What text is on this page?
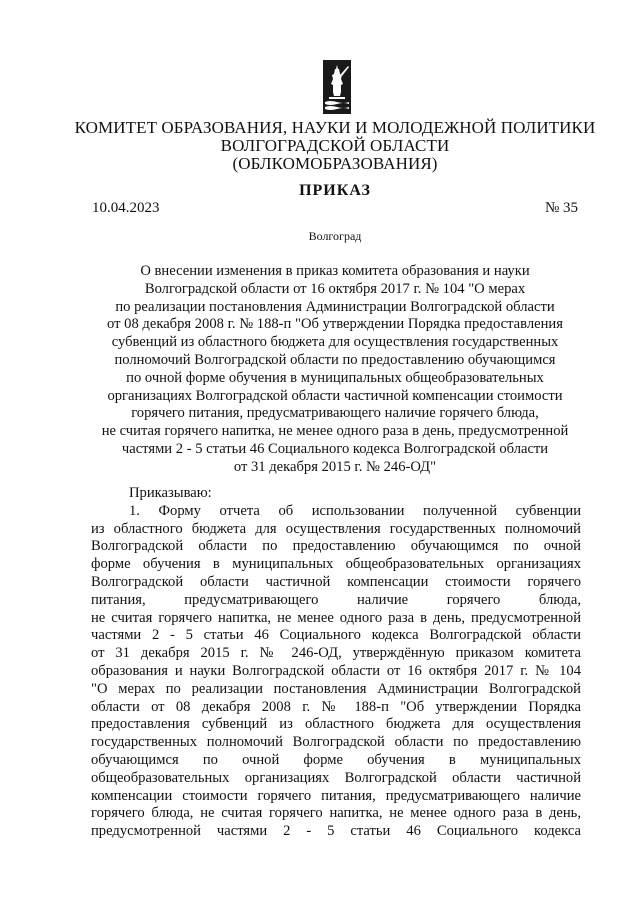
КОМИТЕТ ОБРАЗОВАНИЯ, НАУКИ И МОЛОДЕЖНОЙ ПОЛИТИКИ
ВОЛГОГРАДСКОЙ ОБЛАСТИ
(ОБЛКОМОБРАЗОВАНИЯ)
ПРИКАЗ
10.04.2023	№ 35
Волгоград
О внесении изменения в приказ комитета образования и науки
Волгоградской области от 16 октября 2017 г. № 104 "О мерах
по реализации постановления Администрации Волгоградской области
от 08 декабря 2008 г. № 188-п "Об утверждении Порядка предоставления
субвенций из областного бюджета для осуществления государственных
полномочий Волгоградской области по предоставлению обучающимся
по очной форме обучения в муниципальных общеобразовательных
организациях Волгоградской области частичной компенсации стоимости
горячего питания, предусматривающего наличие горячего блюда,
не считая горячего напитка, не менее одного раза в день, предусмотренной
частями 2 - 5 статьи 46 Социального кодекса Волгоградской области
от 31 декабря 2015 г. № 246-ОД"
Приказываю:
1. Форму отчета об использовании полученной субвенции
из областного бюджета для осуществления государственных полномочий
Волгоградской области по предоставлению обучающимся по очной
форме обучения в муниципальных общеобразовательных организациях
Волгоградской области частичной компенсации стоимости горячего
питания, предусматривающего наличие горячего блюда,
не считая горячего напитка, не менее одного раза в день, предусмотренной
частями 2 - 5 статьи 46 Социального кодекса Волгоградской области
от 31 декабря 2015 г. № 246-ОД, утверждённую приказом комитета
образования и науки Волгоградской области от 16 октября 2017 г. № 104
"О мерах по реализации постановления Администрации Волгоградской
области от 08 декабря 2008 г. № 188-п "Об утверждении Порядка
предоставления субвенций из областного бюджета для осуществления
государственных полномочий Волгоградской области по предоставлению
обучающимся по очной форме обучения в муниципальных
общеобразовательных организациях Волгоградской области частичной
компенсации стоимости горячего питания, предусматривающего наличие
горячего блюда, не считая горячего напитка, не менее одного раза в день,
предусмотренной частями 2 - 5 статьи 46 Социального кодекса
